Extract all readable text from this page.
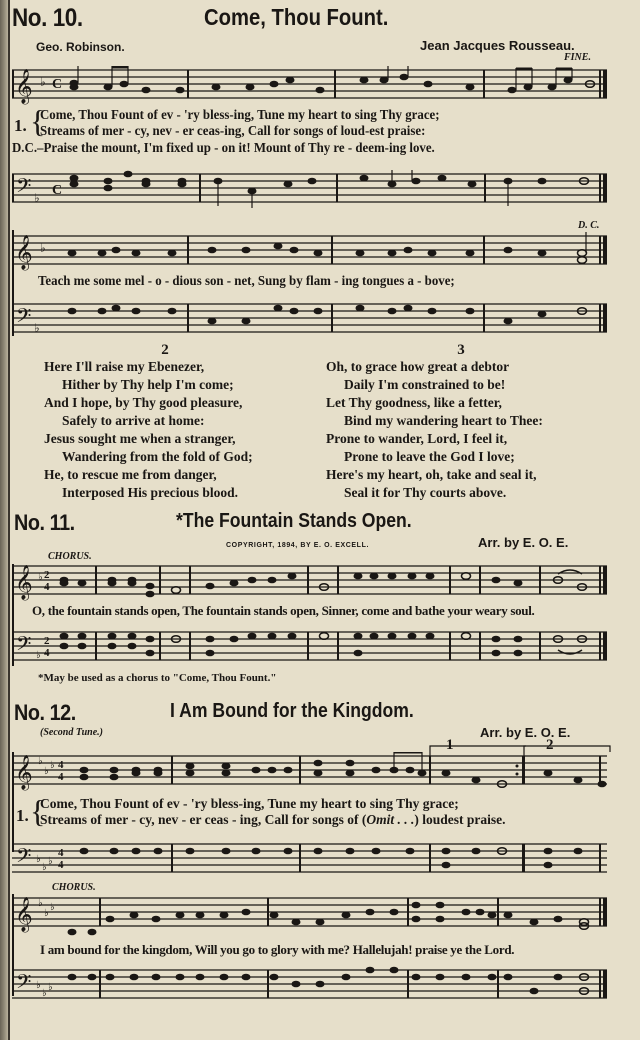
No. 10.	Come, Thou Fount.
Geo. Robinson.	Jean Jacques Rousseau.
FINE.
𝄞 ♭ C
Come, Thou Fount of ev - 'ry bless-ing, Tune my heart to sing Thy grace;
1. {
Streams of mer - cy, nev - er ceas-ing, Call for songs of loud-est praise:
D.C.–Praise the mount, I'm fixed up - on it! Mount of Thy re - deem-ing love.
𝄢 ♭ C
D. C.
𝄞 ♭
Teach me some mel - o - dious son - net, Sung by flam - ing tongues a - bove;
𝄢 ♭
2
Here I'll raise my Ebenezer,
Hither by Thy help I'm come;
And I hope, by Thy good pleasure,
Safely to arrive at home:
Jesus sought me when a stranger,
Wandering from the fold of God;
He, to rescue me from danger,
Interposed His precious blood.
3
Oh, to grace how great a debtor
Daily I'm constrained to be!
Let Thy goodness, like a fetter,
Bind my wandering heart to Thee:
Prone to wander, Lord, I feel it,
Prone to leave the God I love;
Here's my heart, oh, take and seal it,
Seal it for Thy courts above.
No. 11.	*The Fountain Stands Open.
COPYRIGHT, 1894, BY E. O. EXCELL.	Arr. by E. O. E.
CHORUS.
𝄞 ♭ 2
4
O, the fountain stands open, The fountain stands open, Sinner, come and bathe your weary soul.
𝄢 ♭
2
4
*May be used as a chorus to "Come, Thou Fount."
No. 12.	I Am Bound for the Kingdom.
(Second Tune.)	Arr. by E. O. E.
1	2
𝄞 ♭
♭
♭ 4
4
1. {
Come, Thou Fount of ev - 'ry bless-ing, Tune my heart to sing Thy grace;
Streams of mer - cy, nev - er ceas - ing, Call for songs of (Omit . . .) loudest praise.
𝄢 ♭
♭
♭
4
4
CHORUS.
𝄞 ♭
♭
♭
I am bound for the kingdom, Will you go to glory with me? Hallelujah! praise ye the Lord.
𝄢 ♭
♭
♭
